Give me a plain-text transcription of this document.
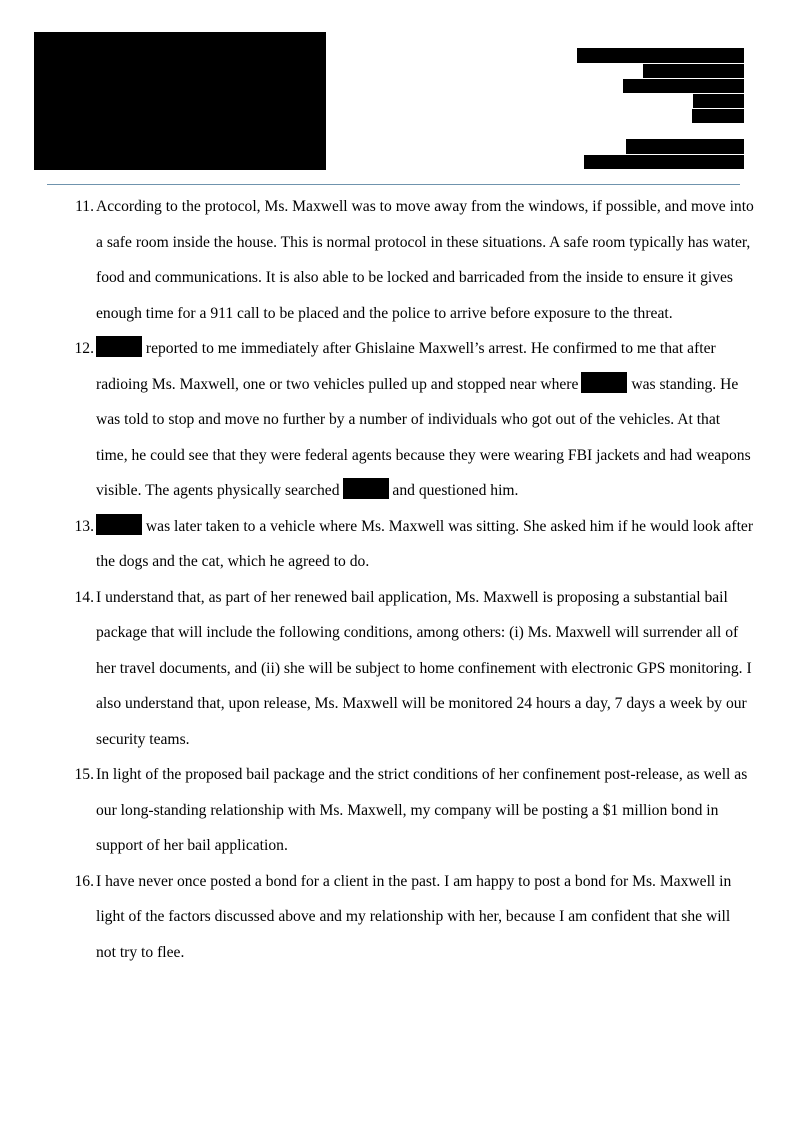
11. According to the protocol, Ms. Maxwell was to move away from the windows, if possible, and move into a safe room inside the house. This is normal protocol in these situations. A safe room typically has water, food and communications. It is also able to be locked and barricaded from the inside to ensure it gives enough time for a 911 call to be placed and the police to arrive before exposure to the threat.
12.	reported to me immediately after Ghislaine Maxwell’s arrest. He confirmed to me that after radioing Ms. Maxwell, one or two vehicles pulled up and stopped near where	was standing. He was told to stop and move no further by a number of individuals who got out of the vehicles. At that time, he could see that they were federal agents because they were wearing FBI jackets and had weapons visible. The agents physically searched	and questioned him.
13.	was later taken to a vehicle where Ms. Maxwell was sitting. She asked him if he would look after the dogs and the cat, which he agreed to do.
14. I understand that, as part of her renewed bail application, Ms. Maxwell is proposing a substantial bail package that will include the following conditions, among others: (i) Ms. Maxwell will surrender all of her travel documents, and (ii) she will be subject to home confinement with electronic GPS monitoring. I also understand that, upon release, Ms. Maxwell will be monitored 24 hours a day, 7 days a week by our security teams.
15. In light of the proposed bail package and the strict conditions of her confinement post-release, as well as our long-standing relationship with Ms. Maxwell, my company will be posting a $1 million bond in support of her bail application.
16. I have never once posted a bond for a client in the past. I am happy to post a bond for Ms. Maxwell in light of the factors discussed above and my relationship with her, because I am confident that she will not try to flee.
